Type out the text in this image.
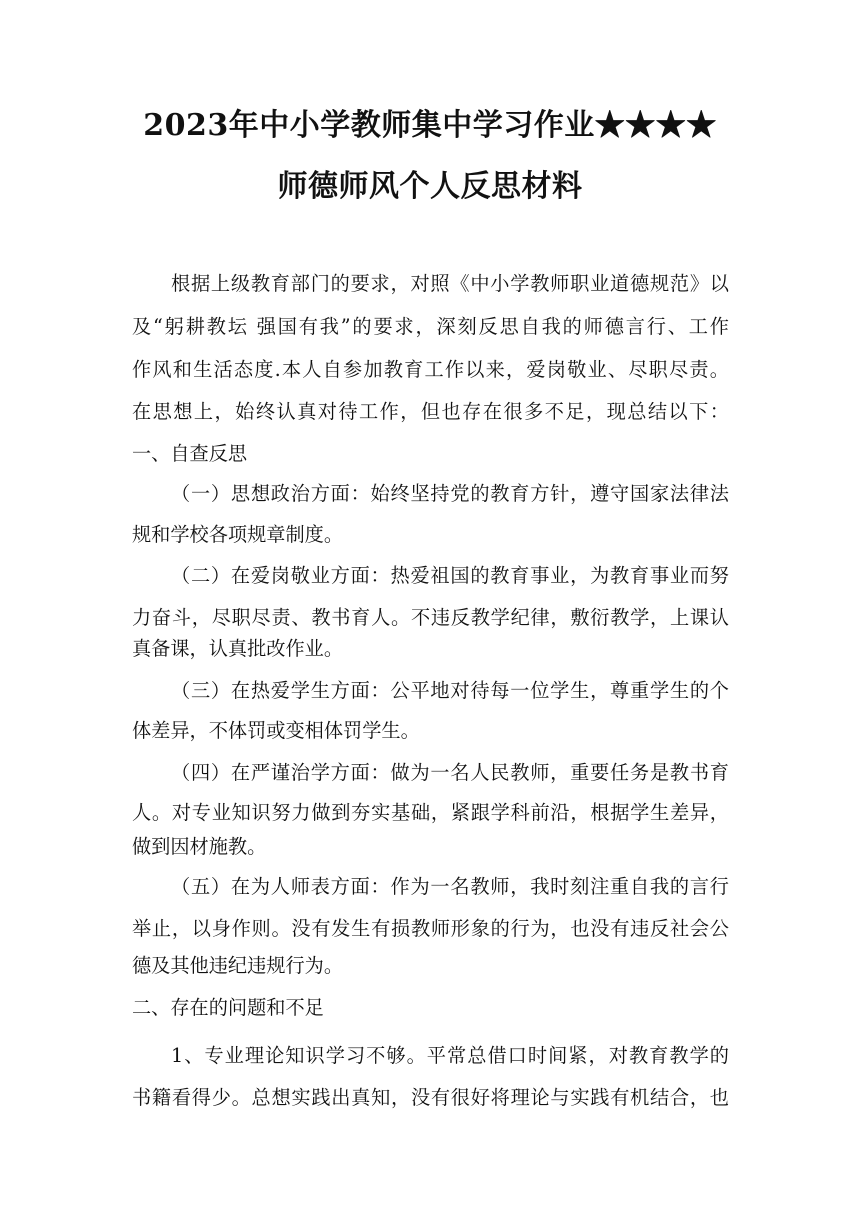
2023年中小学教师集中学习作业★★★★
师德师风个人反思材料
根据上级教育部门的要求，对照《中小学教师职业道德规范》以
及“躬耕教坛 强国有我”的要求，深刻反思自我的师德言行、工作
作风和生活态度.本人自参加教育工作以来，爱岗敬业、尽职尽责。
在思想上，始终认真对待工作，但也存在很多不足，现总结以下：
一、自查反思
（一）思想政治方面：始终坚持党的教育方针，遵守国家法律法
规和学校各项规章制度。
（二）在爱岗敬业方面：热爱祖国的教育事业，为教育事业而努
力奋斗，尽职尽责、教书育人。不违反教学纪律，敷衍教学，上课认
真备课，认真批改作业。
（三）在热爱学生方面：公平地对待每一位学生，尊重学生的个
体差异，不体罚或变相体罚学生。
（四）在严谨治学方面：做为一名人民教师，重要任务是教书育
人。对专业知识努力做到夯实基础，紧跟学科前沿，根据学生差异，
做到因材施教。
（五）在为人师表方面：作为一名教师，我时刻注重自我的言行
举止，以身作则。没有发生有损教师形象的行为，也没有违反社会公
德及其他违纪违规行为。
二、存在的问题和不足
1、专业理论知识学习不够。平常总借口时间紧，对教育教学的
书籍看得少。总想实践出真知，没有很好将理论与实践有机结合，也
